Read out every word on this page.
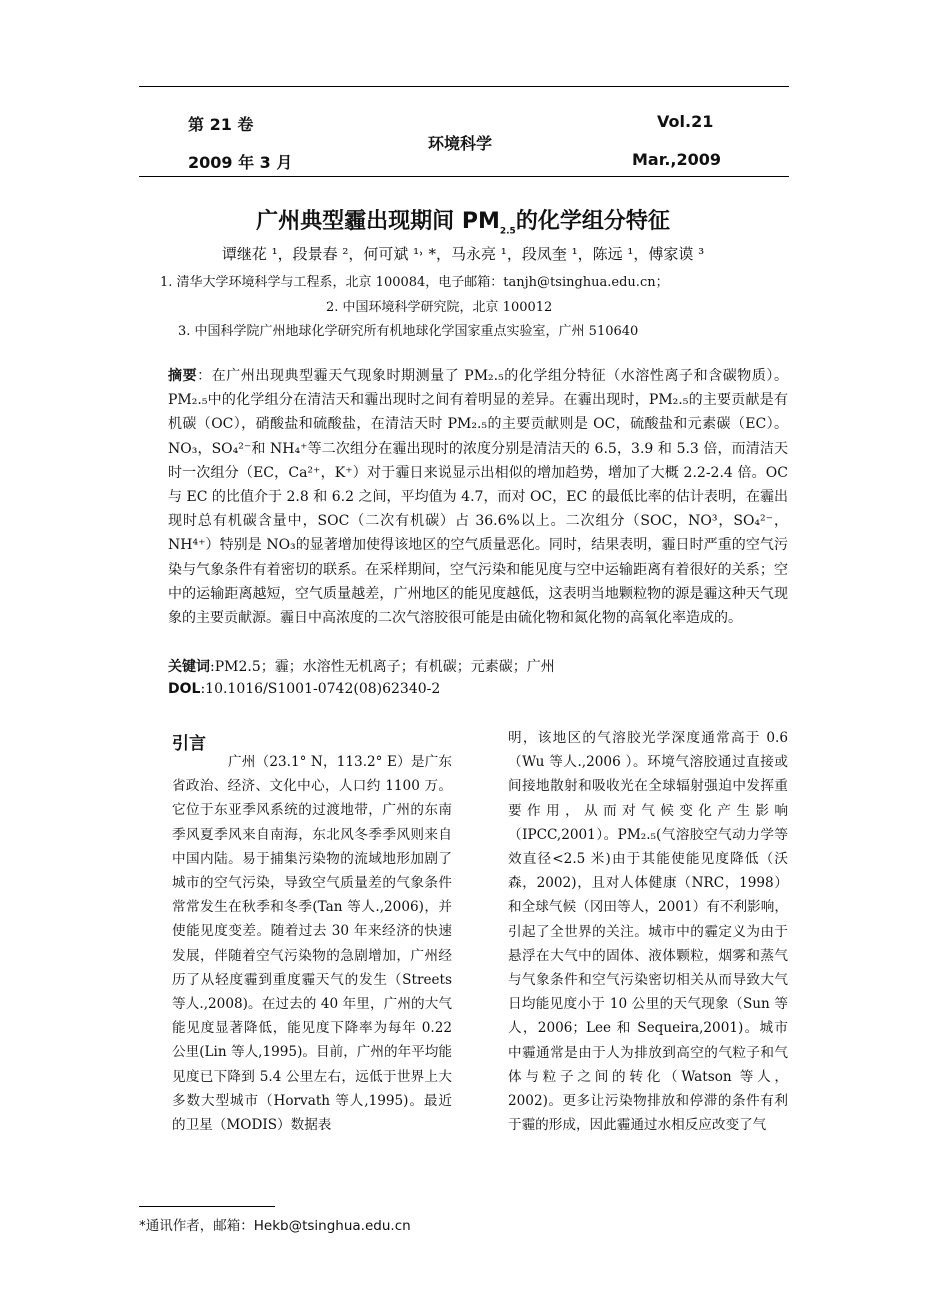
第 21 卷
2009 年 3 月
环境科学
Vol.21
Mar.,2009
广州典型霾出现期间 $PM_{2.5}$的化学组分特征
谭继花 ¹，段景春 ²，何可斌 ¹˒ *，马永亮 ¹，段凤奎 ¹，陈远 ¹，傅家谟 ³
1. 清华大学环境科学与工程系，北京 100084，电子邮箱：tanjh@tsinghua.edu.cn；
2. 中国环境科学研究院，北京 100012
3. 中国科学院广州地球化学研究所有机地球化学国家重点实验室，广州 510640
摘要：在广州出现典型霾天气现象时期测量了 PM₂.₅的化学组分特征（水溶性离子和含碳物质）。PM₂.₅中的化学组分在清洁天和霾出现时之间有着明显的差异。在霾出现时，PM₂.₅的主要贡献是有机碳（OC），硝酸盐和硫酸盐，在清洁天时 PM₂.₅的主要贡献则是 OC，硫酸盐和元素碳（EC）。NO₃，SO₄²⁻和 NH₄⁺等二次组分在霾出现时的浓度分别是清洁天的 6.5，3.9 和 5.3 倍，而清洁天时一次组分（EC，Ca²⁺，K⁺）对于霾日来说显示出相似的增加趋势，增加了大概 2.2-2.4 倍。OC 与 EC 的比值介于 2.8 和 6.2 之间，平均值为 4.7，而对 OC，EC 的最低比率的估计表明，在霾出现时总有机碳含量中，SOC（二次有机碳）占 36.6%以上。二次组分（SOC，NO³，SO₄²⁻，NH⁴⁺）特别是 NO₃的显著增加使得该地区的空气质量恶化。同时，结果表明，霾日时严重的空气污染与气象条件有着密切的联系。在采样期间，空气污染和能见度与空中运输距离有着很好的关系；空中的运输距离越短，空气质量越差，广州地区的能见度越低，这表明当地颗粒物的源是霾这种天气现象的主要贡献源。霾日中高浓度的二次气溶胶很可能是由硫化物和氮化物的高氧化率造成的。
关键词:PM2.5；霾；水溶性无机离子；有机碳；元素碳；广州
DOL:10.1016/S1001-0742(08)62340-2
引言
广州（23.1° N，113.2° E）是广东省政治、经济、文化中心，人口约 1100 万。它位于东亚季风系统的过渡地带，广州的东南季风夏季风来自南海，东北风冬季季风则来自中国内陆。易于捕集污染物的流域地形加剧了城市的空气污染，导致空气质量差的气象条件常常发生在秋季和冬季(Tan 等人.,2006)，并使能见度变差。随着过去 30 年来经济的快速发展，伴随着空气污染物的急剧增加，广州经历了从轻度霾到重度霾天气的发生（Streets 等人.,2008)。在过去的 40 年里，广州的大气能见度显著降低，能见度下降率为每年 0.22 公里(Lin 等人,1995)。目前，广州的年平均能见度已下降到 5.4 公里左右，远低于世界上大多数大型城市（Horvath 等人,1995)。最近的卫星（MODIS）数据表
明，该地区的气溶胶光学深度通常高于 0.6（Wu 等人.,2006 ）。环境气溶胶通过直接或间接地散射和吸收光在全球辐射强迫中发挥重要作用，从而对气候变化产生影响（IPCC,2001）。PM₂.₅(气溶胶空气动力学等效直径<2.5 米)由于其能使能见度降低（沃森，2002)，且对人体健康（NRC，1998）和全球气候（冈田等人，2001）有不利影响，引起了全世界的关注。城市中的霾定义为由于悬浮在大气中的固体、液体颗粒，烟雾和蒸气与气象条件和空气污染密切相关从而导致大气日均能见度小于 10 公里的天气现象（Sun 等人，2006；Lee 和 Sequeira,2001)。城市中霾通常是由于人为排放到高空的气粒子和气体与粒子之间的转化（Watson 等人，2002)。更多让污染物排放和停滞的条件有利于霾的形成，因此霾通过水相反应改变了气
*通讯作者，邮箱：Hekb@tsinghua.edu.cn
